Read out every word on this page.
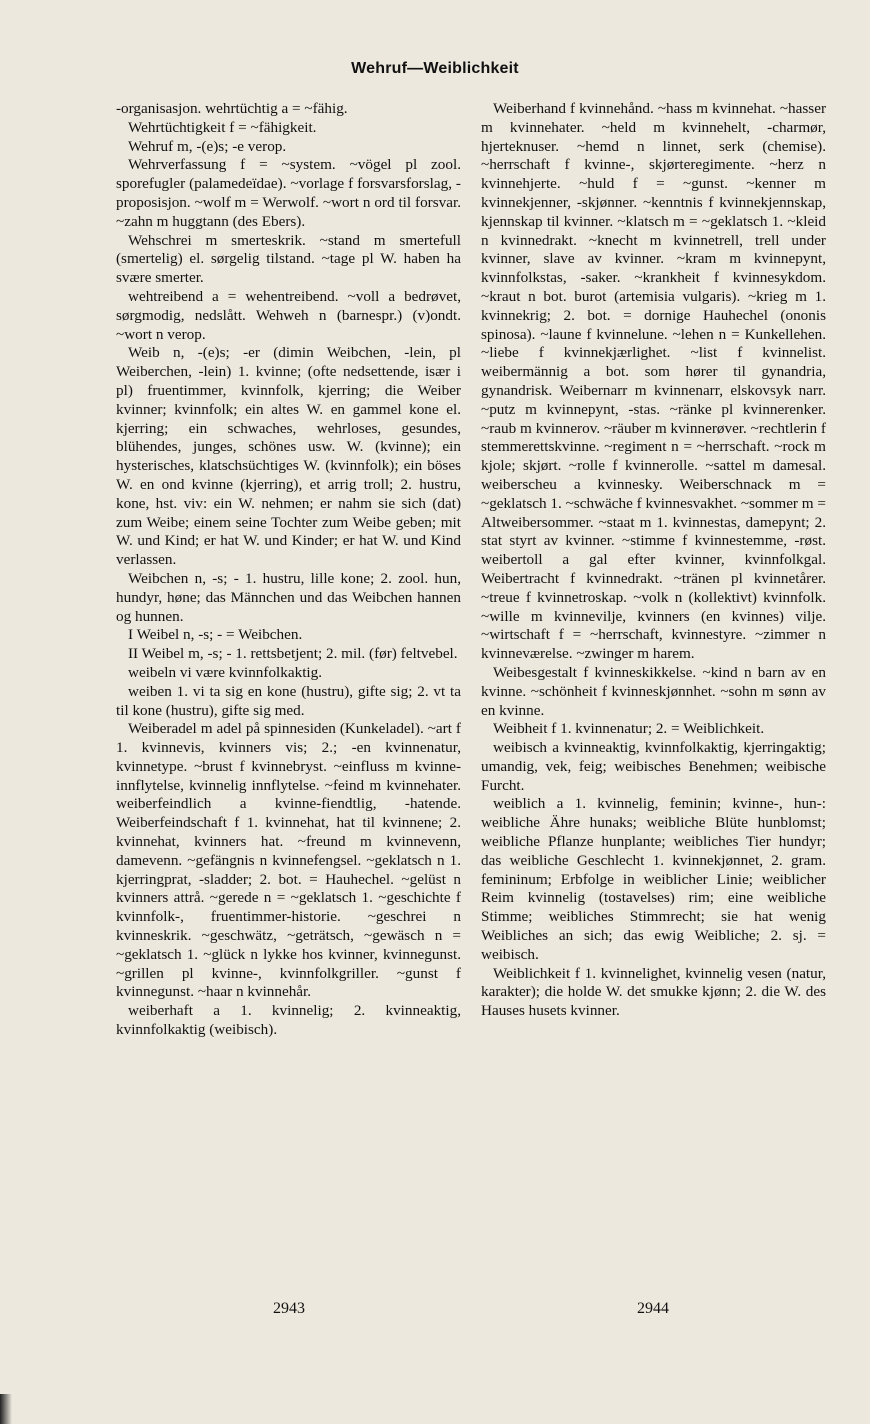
Wehruf—Weiblichkeit

-organisasjon. wehrtüchtig a = ~fähig.

Wehrtüchtigkeit f = ~fähigkeit.

Wehruf m, -(e)s; -e verop.

Wehrverfassung f = ~system. ~vögel pl zool. sporefugler (palamedeïdae). ~vorlage f forsvarsforslag, -proposisjon. ~wolf m = Werwolf. ~wort n ord til forsvar. ~zahn m huggtann (des Ebers).

Wehschrei m smerteskrik. ~stand m smertefull (smertelig) el. sørgelig tilstand. ~tage pl W. haben ha svære smerter.

wehtreibend a = wehentreibend. ~voll a bedrøvet, sørgmodig, nedslått. Wehweh n (barnespr.) (v)ondt. ~wort n verop.

Weib n, -(e)s; -er (dimin Weibchen, -lein, pl Weiberchen, -lein) 1. kvinne; (ofte nedsettende, især i pl) fruentimmer, kvinnfolk, kjerring; die Weiber kvinner; kvinnfolk; ein altes W. en gammel kone el. kjerring; ein schwaches, wehrloses, gesundes, blühendes, junges, schönes usw. W. (kvinne); ein hysterisches, klatschsüchtiges W. (kvinnfolk); ein böses W. en ond kvinne (kjerring), et arrig troll; 2. hustru, kone, hst. viv: ein W. nehmen; er nahm sie sich (dat) zum Weibe; einem seine Tochter zum Weibe geben; mit W. und Kind; er hat W. und Kinder; er hat W. und Kind verlassen.

Weibchen n, -s; - 1. hustru, lille kone; 2. zool. hun, hundyr, høne; das Männchen und das Weibchen hannen og hunnen.

I Weibel n, -s; - = Weibchen.

II Weibel m, -s; - 1. rettsbetjent; 2. mil. (før) feltvebel.

weibeln vi være kvinnfolkaktig.

weiben 1. vi ta sig en kone (hustru), gifte sig; 2. vt ta til kone (hustru), gifte sig med.

Weiberadel m adel på spinnesiden (Kunkeladel). ~art f 1. kvinnevis, kvinners vis; 2.; -en kvinnenatur, kvinnetype. ~brust f kvinnebryst. ~einfluss m kvinne-innflytelse, kvinnelig innflytelse. ~feind m kvinnehater. weiberfeindlich a kvinne-fiendtlig, -hatende. Weiberfeindschaft f 1. kvinnehat, hat til kvinnene; 2. kvinnehat, kvinners hat. ~freund m kvinnevenn, damevenn. ~gefängnis n kvinnefengsel. ~geklatsch n 1. kjerringprat, -sladder; 2. bot. = Hauhechel. ~gelüst n kvinners attrå. ~gerede n = ~geklatsch 1. ~geschichte f kvinnfolk-, fruentimmer-historie. ~geschrei n kvinneskrik. ~geschwätz, ~geträtsch, ~gewäsch n = ~geklatsch 1. ~glück n lykke hos kvinner, kvinnegunst. ~grillen pl kvinne-, kvinnfolkgriller. ~gunst f kvinnegunst. ~haar n kvinnehår.

weiberhaft a 1. kvinnelig; 2. kvinneaktig, kvinnfolkaktig (weibisch).

Weiberhand f kvinnehånd. ~hass m kvinnehat. ~hasser m kvinnehater. ~held m kvinnehelt, -charmør, hjerteknuser. ~hemd n linnet, serk (chemise). ~herrschaft f kvinne-, skjørteregimente. ~herz n kvinnehjerte. ~huld f = ~gunst. ~kenner m kvinnekjenner, -skjønner. ~kenntnis f kvinnekjennskap, kjennskap til kvinner. ~klatsch m = ~geklatsch 1. ~kleid n kvinnedrakt. ~knecht m kvinnetrell, trell under kvinner, slave av kvinner. ~kram m kvinnepynt, kvinnfolkstas, -saker. ~krankheit f kvinnesykdom. ~kraut n bot. burot (artemisia vulgaris). ~krieg m 1. kvinnekrig; 2. bot. = dornige Hauhechel (ononis spinosa). ~laune f kvinnelune. ~lehen n = Kunkellehen. ~liebe f kvinnekjærlighet. ~list f kvinnelist. weibermännig a bot. som hører til gynandria, gynandrisk. Weibernarr m kvinnenarr, elskovsyk narr. ~putz m kvinnepynt, -stas. ~ränke pl kvinnerenker. ~raub m kvinnerov. ~räuber m kvinnerøver. ~rechtlerin f stemmerettskvinne. ~regiment n = ~herrschaft. ~rock m kjole; skjørt. ~rolle f kvinnerolle. ~sattel m damesal. weiberscheu a kvinnesky. Weiberschnack m = ~geklatsch 1. ~schwäche f kvinnesvakhet. ~sommer m = Altweibersommer. ~staat m 1. kvinnestas, damepynt; 2. stat styrt av kvinner. ~stimme f kvinnestemme, -røst. weibertoll a gal efter kvinner, kvinnfolkgal. Weibertracht f kvinnedrakt. ~tränen pl kvinnetårer. ~treue f kvinnetroskap. ~volk n (kollektivt) kvinnfolk. ~wille m kvinnevilje, kvinners (en kvinnes) vilje. ~wirtschaft f = ~herrschaft, kvinnestyre. ~zimmer n kvinneværelse. ~zwinger m harem.

Weibesgestalt f kvinneskikkelse. ~kind n barn av en kvinne. ~schönheit f kvinneskjønnhet. ~sohn m sønn av en kvinne.

Weibheit f 1. kvinnenatur; 2. = Weiblichkeit.

weibisch a kvinneaktig, kvinnfolkaktig, kjerringaktig; umandig, vek, feig; weibisches Benehmen; weibische Furcht.

weiblich a 1. kvinnelig, feminin; kvinne-, hun-: weibliche Ähre hunaks; weibliche Blüte hunblomst; weibliche Pflanze hunplante; weibliches Tier hundyr; das weibliche Geschlecht 1. kvinnekjønnet, 2. gram. femininum; Erbfolge in weiblicher Linie; weiblicher Reim kvinnelig (tostavelses) rim; eine weibliche Stimme; weibliches Stimmrecht; sie hat wenig Weibliches an sich; das ewig Weibliche; 2. sj. = weibisch.

Weiblichkeit f 1. kvinnelighet, kvinnelig vesen (natur, karakter); die holde W. det smukke kjønn; 2. die W. des Hauses husets kvinner.

2943	2944
